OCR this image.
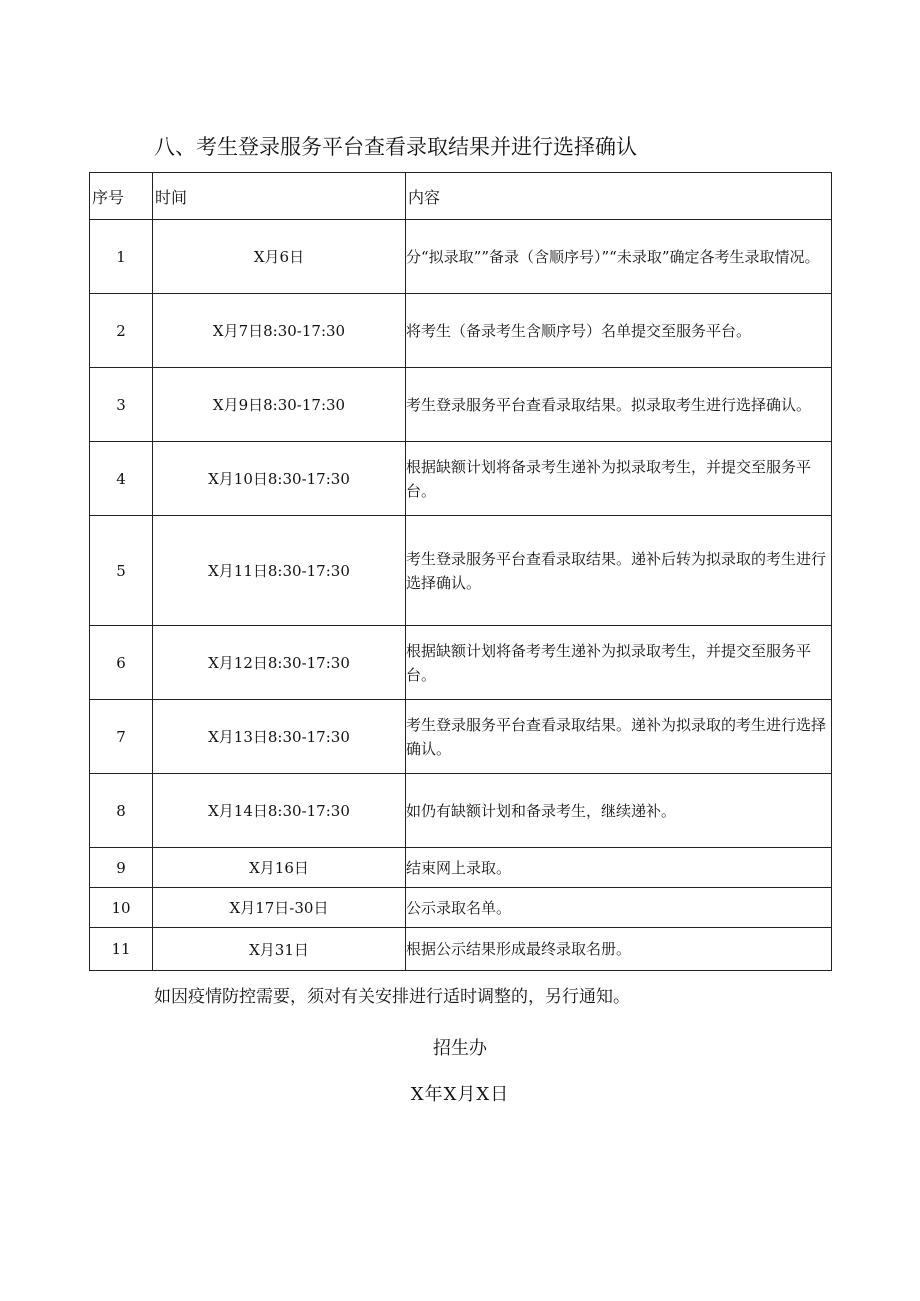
八、考生登录服务平台查看录取结果并进行选择确认
序号	时间	内容
1	X月6日	分“拟录取””备录（含顺序号）”“未录取”确定各考生录取情况。
2	X月7日8:30-17:30	将考生（备录考生含顺序号）名单提交至服务平台。
3	X月9日8:30-17:30	考生登录服务平台查看录取结果。拟录取考生进行选择确认。
4	X月10日8:30-17:30	根据缺额计划将备录考生递补为拟录取考生，并提交至服务平台。
5	X月11日8:30-17:30	考生登录服务平台查看录取结果。递补后转为拟录取的考生进行选择确认。
6	X月12日8:30-17:30	根据缺额计划将备考考生递补为拟录取考生，并提交至服务平台。
7	X月13日8:30-17:30	考生登录服务平台查看录取结果。递补为拟录取的考生进行选择确认。
8	X月14日8:30-17:30	如仍有缺额计划和备录考生，继续递补。
9	X月16日	结束网上录取。
10	X月17日-30日	公示录取名单。
11	X月31日	根据公示结果形成最终录取名册。
如因疫情防控需要，须对有关安排进行适时调整的，另行通知。
招生办
X年X月X日
